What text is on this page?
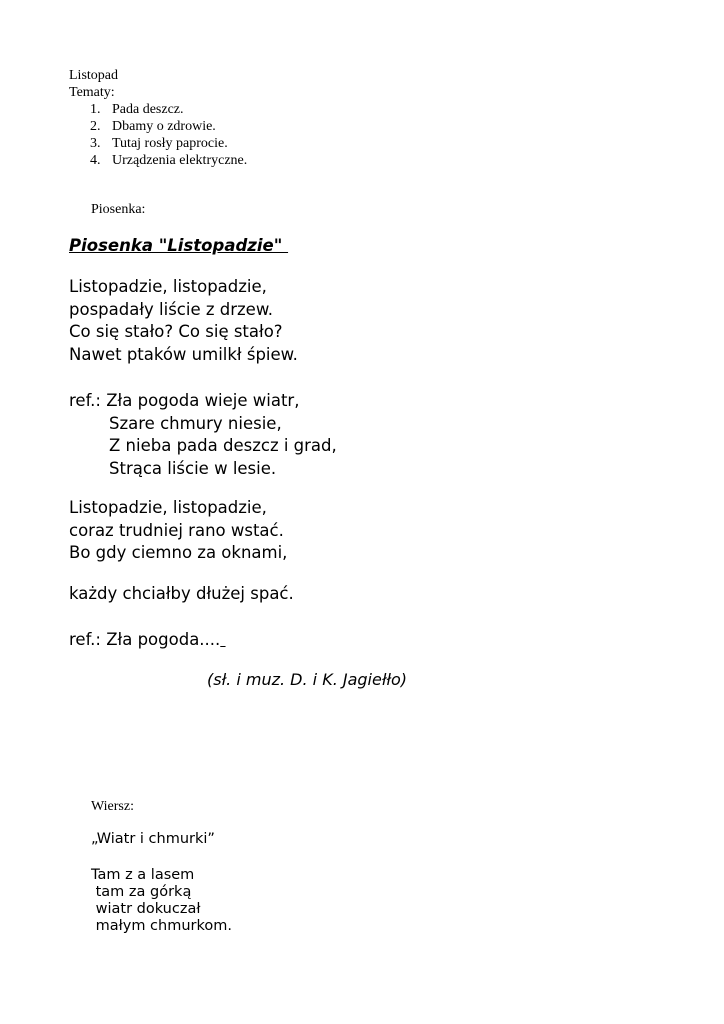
Listopad
Tematy:
1. Pada deszcz.
2. Dbamy o zdrowie.
3. Tutaj rosły paprocie.
4. Urządzenia elektryczne.
Piosenka:
Piosenka "Listopadzie"
Listopadzie, listopadzie,
pospadały liście z drzew.
Co się stało? Co się stało?
Nawet ptaków umilkł śpiew.
ref.: Zła pogoda wieje wiatr,
Szare chmury niesie,
Z nieba pada deszcz i grad,
Strąca liście w lesie.
Listopadzie, listopadzie,
coraz trudniej rano wstać.
Bo gdy ciemno za oknami,
każdy chciałby dłużej spać.
ref.: Zła pogoda....
(sł. i muz. D. i K. Jagiełło)
Wiersz:
„Wiatr i chmurki”
Tam z a lasem
tam za górką
wiatr dokuczał
małym chmurkom.
